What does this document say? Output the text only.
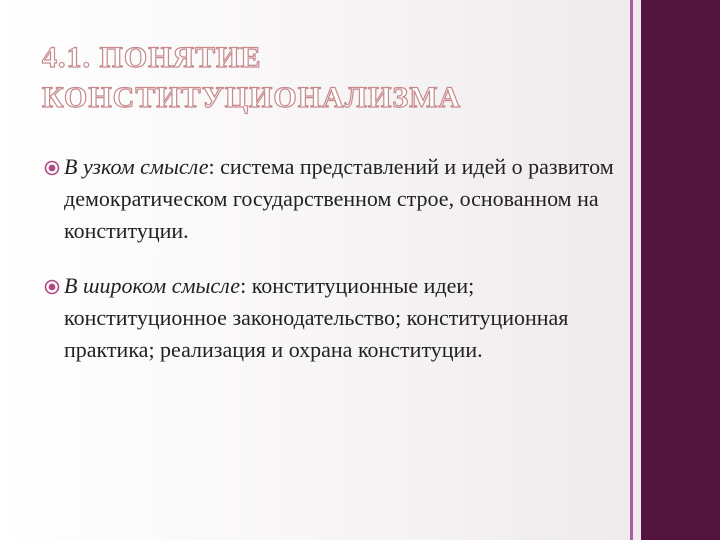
4.1. ПОНЯТИЕ
КОНСТИТУЦИОНАЛИЗМА
В узком смысле: система представлений и идей о развитом демократическом государственном строе, основанном на конституции.
В широком смысле: конституционные идеи; конституционное законодательство; конституционная практика; реализация и охрана конституции.
